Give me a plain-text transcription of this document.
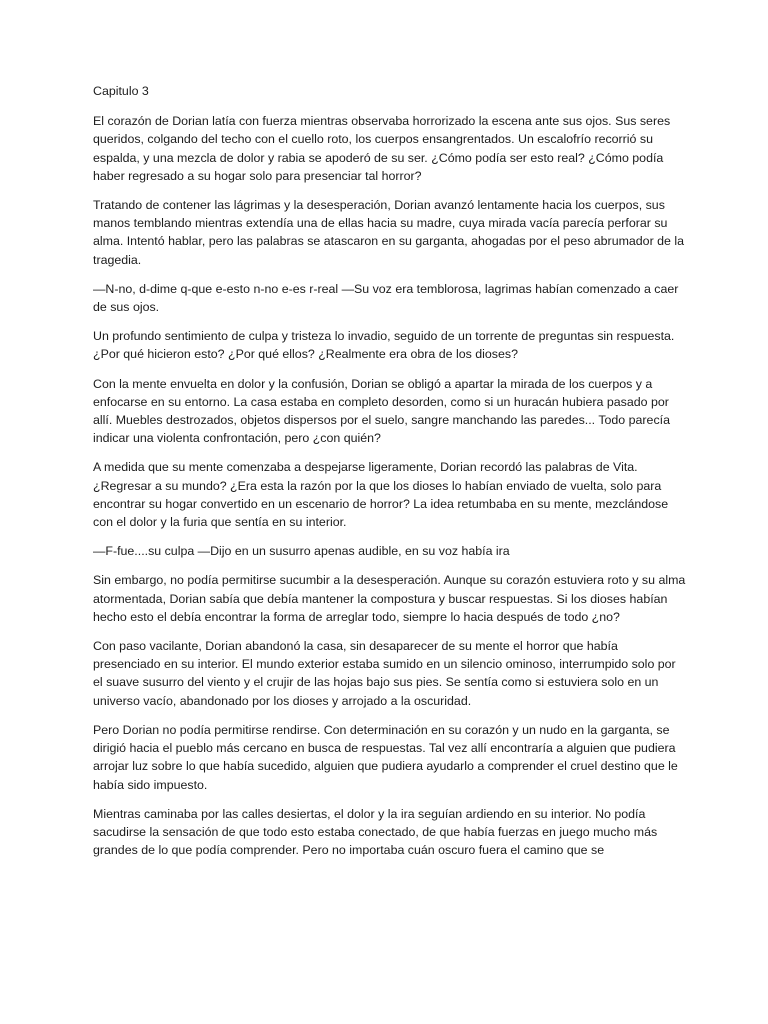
Capitulo 3

El corazón de Dorian latía con fuerza mientras observaba horrorizado la escena ante sus ojos. Sus seres queridos, colgando del techo con el cuello roto, los cuerpos ensangrentados. Un escalofrío recorrió su espalda, y una mezcla de dolor y rabia se apoderó de su ser. ¿Cómo podía ser esto real? ¿Cómo podía haber regresado a su hogar solo para presenciar tal horror?

Tratando de contener las lágrimas y la desesperación, Dorian avanzó lentamente hacia los cuerpos, sus manos temblando mientras extendía una de ellas hacia su madre, cuya mirada vacía parecía perforar su alma. Intentó hablar, pero las palabras se atascaron en su garganta, ahogadas por el peso abrumador de la tragedia.

—N-no, d-dime q-que e-esto n-no e-es r-real —Su voz era temblorosa, lagrimas habían comenzado a caer de sus ojos.

Un profundo sentimiento de culpa y tristeza lo invadio, seguido de un torrente de preguntas sin respuesta. ¿Por qué hicieron esto? ¿Por qué ellos? ¿Realmente era obra de los dioses?

Con la mente envuelta en dolor y la confusión, Dorian se obligó a apartar la mirada de los cuerpos y a enfocarse en su entorno. La casa estaba en completo desorden, como si un huracán hubiera pasado por allí. Muebles destrozados, objetos dispersos por el suelo, sangre manchando las paredes... Todo parecía indicar una violenta confrontación, pero ¿con quién?

A medida que su mente comenzaba a despejarse ligeramente, Dorian recordó las palabras de Vita. ¿Regresar a su mundo? ¿Era esta la razón por la que los dioses lo habían enviado de vuelta, solo para encontrar su hogar convertido en un escenario de horror? La idea retumbaba en su mente, mezclándose con el dolor y la furia que sentía en su interior.

—F-fue....su culpa —Dijo en un susurro apenas audible, en su voz había ira

Sin embargo, no podía permitirse sucumbir a la desesperación. Aunque su corazón estuviera roto y su alma atormentada, Dorian sabía que debía mantener la compostura y buscar respuestas. Si los dioses habían hecho esto el debía encontrar la forma de arreglar todo, siempre lo hacia después de todo ¿no?

Con paso vacilante, Dorian abandonó la casa, sin desaparecer de su mente el horror que había presenciado en su interior. El mundo exterior estaba sumido en un silencio ominoso, interrumpido solo por el suave susurro del viento y el crujir de las hojas bajo sus pies. Se sentía como si estuviera solo en un universo vacío, abandonado por los dioses y arrojado a la oscuridad.

Pero Dorian no podía permitirse rendirse. Con determinación en su corazón y un nudo en la garganta, se dirigió hacia el pueblo más cercano en busca de respuestas. Tal vez allí encontraría a alguien que pudiera arrojar luz sobre lo que había sucedido, alguien que pudiera ayudarlo a comprender el cruel destino que le había sido impuesto.

Mientras caminaba por las calles desiertas, el dolor y la ira seguían ardiendo en su interior. No podía sacudirse la sensación de que todo esto estaba conectado, de que había fuerzas en juego mucho más grandes de lo que podía comprender. Pero no importaba cuán oscuro fuera el camino que se
